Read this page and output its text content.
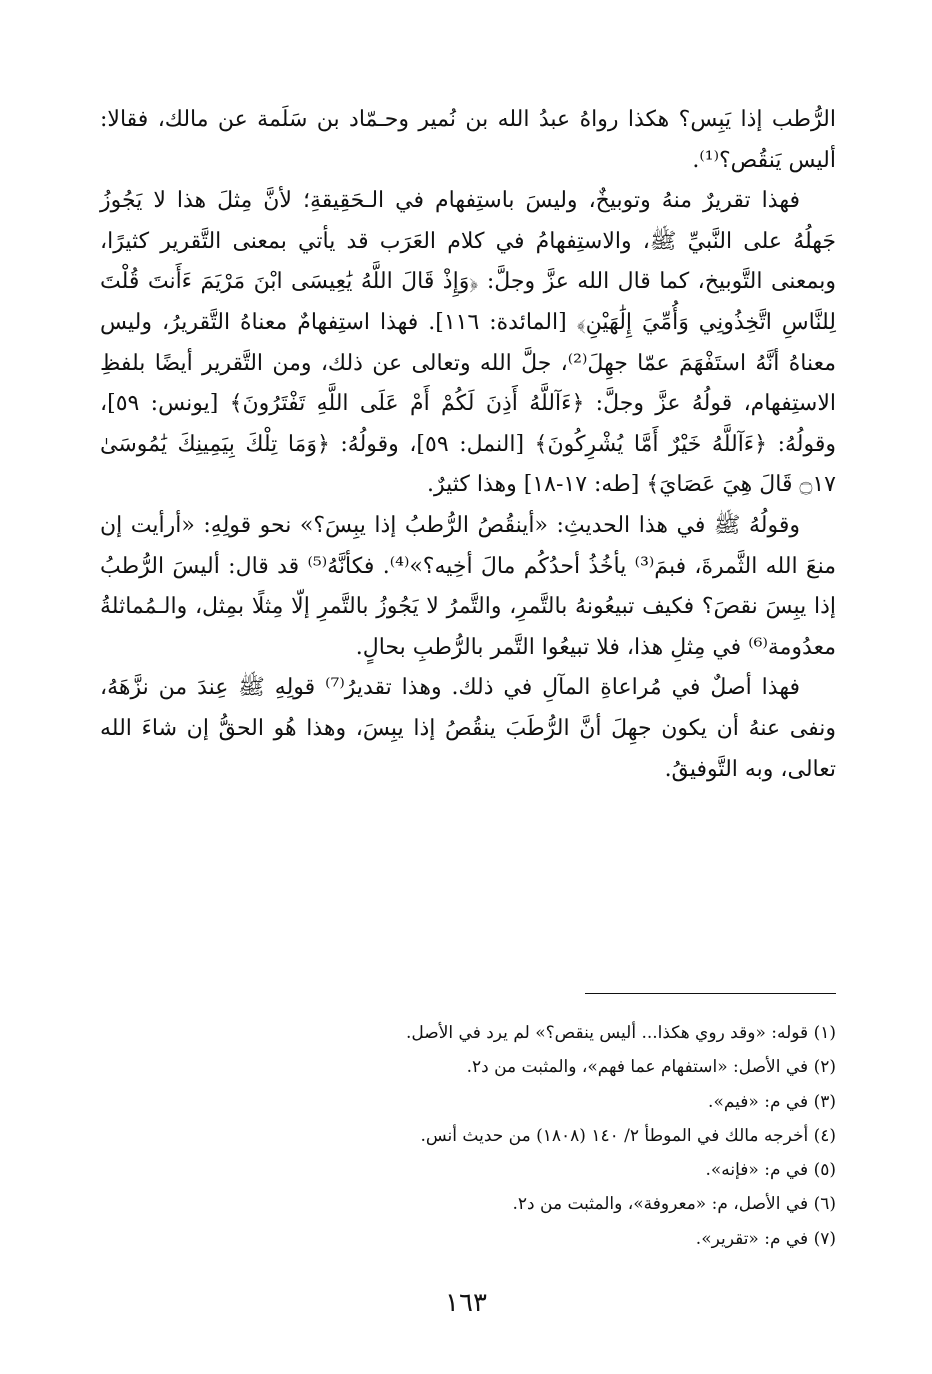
الرُّطب إذا يَبِس؟ هكذا رواهُ عبدُ الله بن نُمير وحـمّاد بن سَلَمة عن مالك، فقالا: أليس يَنقُص؟⁽¹⁾.

فهذا تقريرٌ منهُ وتوبيخٌ، وليسَ باستِفهام في الـحَقِيقةِ؛ لأنَّ مِثلَ هذا لا يَجُوزُ جَهلُهُ على النَّبيِّ ﷺ، والاستِفهامُ في كلام العَرَب قد يأتي بمعنى التَّقرير كثيرًا، وبمعنى التَّوبيخ، كما قال الله عزَّ وجلَّ: ﴿وَإِذْ قَالَ اللَّهُ يَٰعِيسَى ابْنَ مَرْيَمَ ءَأَنتَ قُلْتَ لِلنَّاسِ اتَّخِذُونِي وَأُمِّيَ إِلَٰهَيْنِ﴾ [المائدة: ١١٦]. فهذا استِفهامٌ معناهُ التَّقريرُ، وليس معناهُ أنَّهُ استَفْهَمَ عمّا جهِلَ⁽²⁾، جلَّ الله وتعالى عن ذلك، ومن التَّقرير أيضًا بلفظِ الاستِفهام، قولُهُ عزَّ وجلَّ: ﴿ءَآللَّهُ أَذِنَ لَكُمْ أَمْ عَلَى اللَّهِ تَفْتَرُونَ﴾ [يونس: ٥٩]، وقولُهُ: ﴿ءَآللَّهُ خَيْرٌ أَمَّا يُشْرِكُونَ﴾ [النمل: ٥٩]، وقولُهُ: ﴿وَمَا تِلْكَ بِيَمِينِكَ يَٰمُوسَىٰ ۝١٧ قَالَ هِيَ عَصَايَ﴾ [طه: ١٧-١٨] وهذا كثيرٌ.

وقولُهُ ﷺ في هذا الحديثِ: «أينقُصُ الرُّطبُ إذا يبِسَ؟» نحو قولِهِ: «أرأيت إن منعَ الله الثَّمرةَ، فبمَ⁽³⁾ يأخُذُ أحدُكُم مالَ أخِيه؟»⁽⁴⁾. فكأنَّهُ⁽⁵⁾ قد قال: أليسَ الرُّطبُ إذا يبِسَ نقصَ؟ فكيف تبيعُونهُ بالتَّمرِ، والتَّمرُ لا يَجُوزُ بالتَّمرِ إلّا مِثلًا بمِثل، والـمُماثلةُ معدُومة⁽⁶⁾ في مِثلِ هذا، فلا تبيعُوا التَّمر بالرُّطبِ بحالٍ.

فهذا أصلٌ في مُراعاةِ المآلِ في ذلك. وهذا تقديرُ⁽⁷⁾ قولِهِ ﷺ عِندَ من نزَّهَهُ، ونفى عنهُ أن يكون جهِلَ أنَّ الرُّطَبَ ينقُصُ إذا يبِسَ، وهذا هُو الحقُّ إن شاءَ الله تعالى، وبه التَّوفيقُ.

(١) قوله: «وقد روي هكذا... أليس ينقص؟» لم يرد في الأصل.
(٢) في الأصل: «استفهام عما فهم»، والمثبت من د٢.
(٣) في م: «فيم».
(٤) أخرجه مالك في الموطأ ٢/ ١٤٠ (١٨٠٨) من حديث أنس.
(٥) في م: «فإنه».
(٦) في الأصل، م: «معروفة»، والمثبت من د٢.
(٧) في م: «تقرير».
١٦٣
